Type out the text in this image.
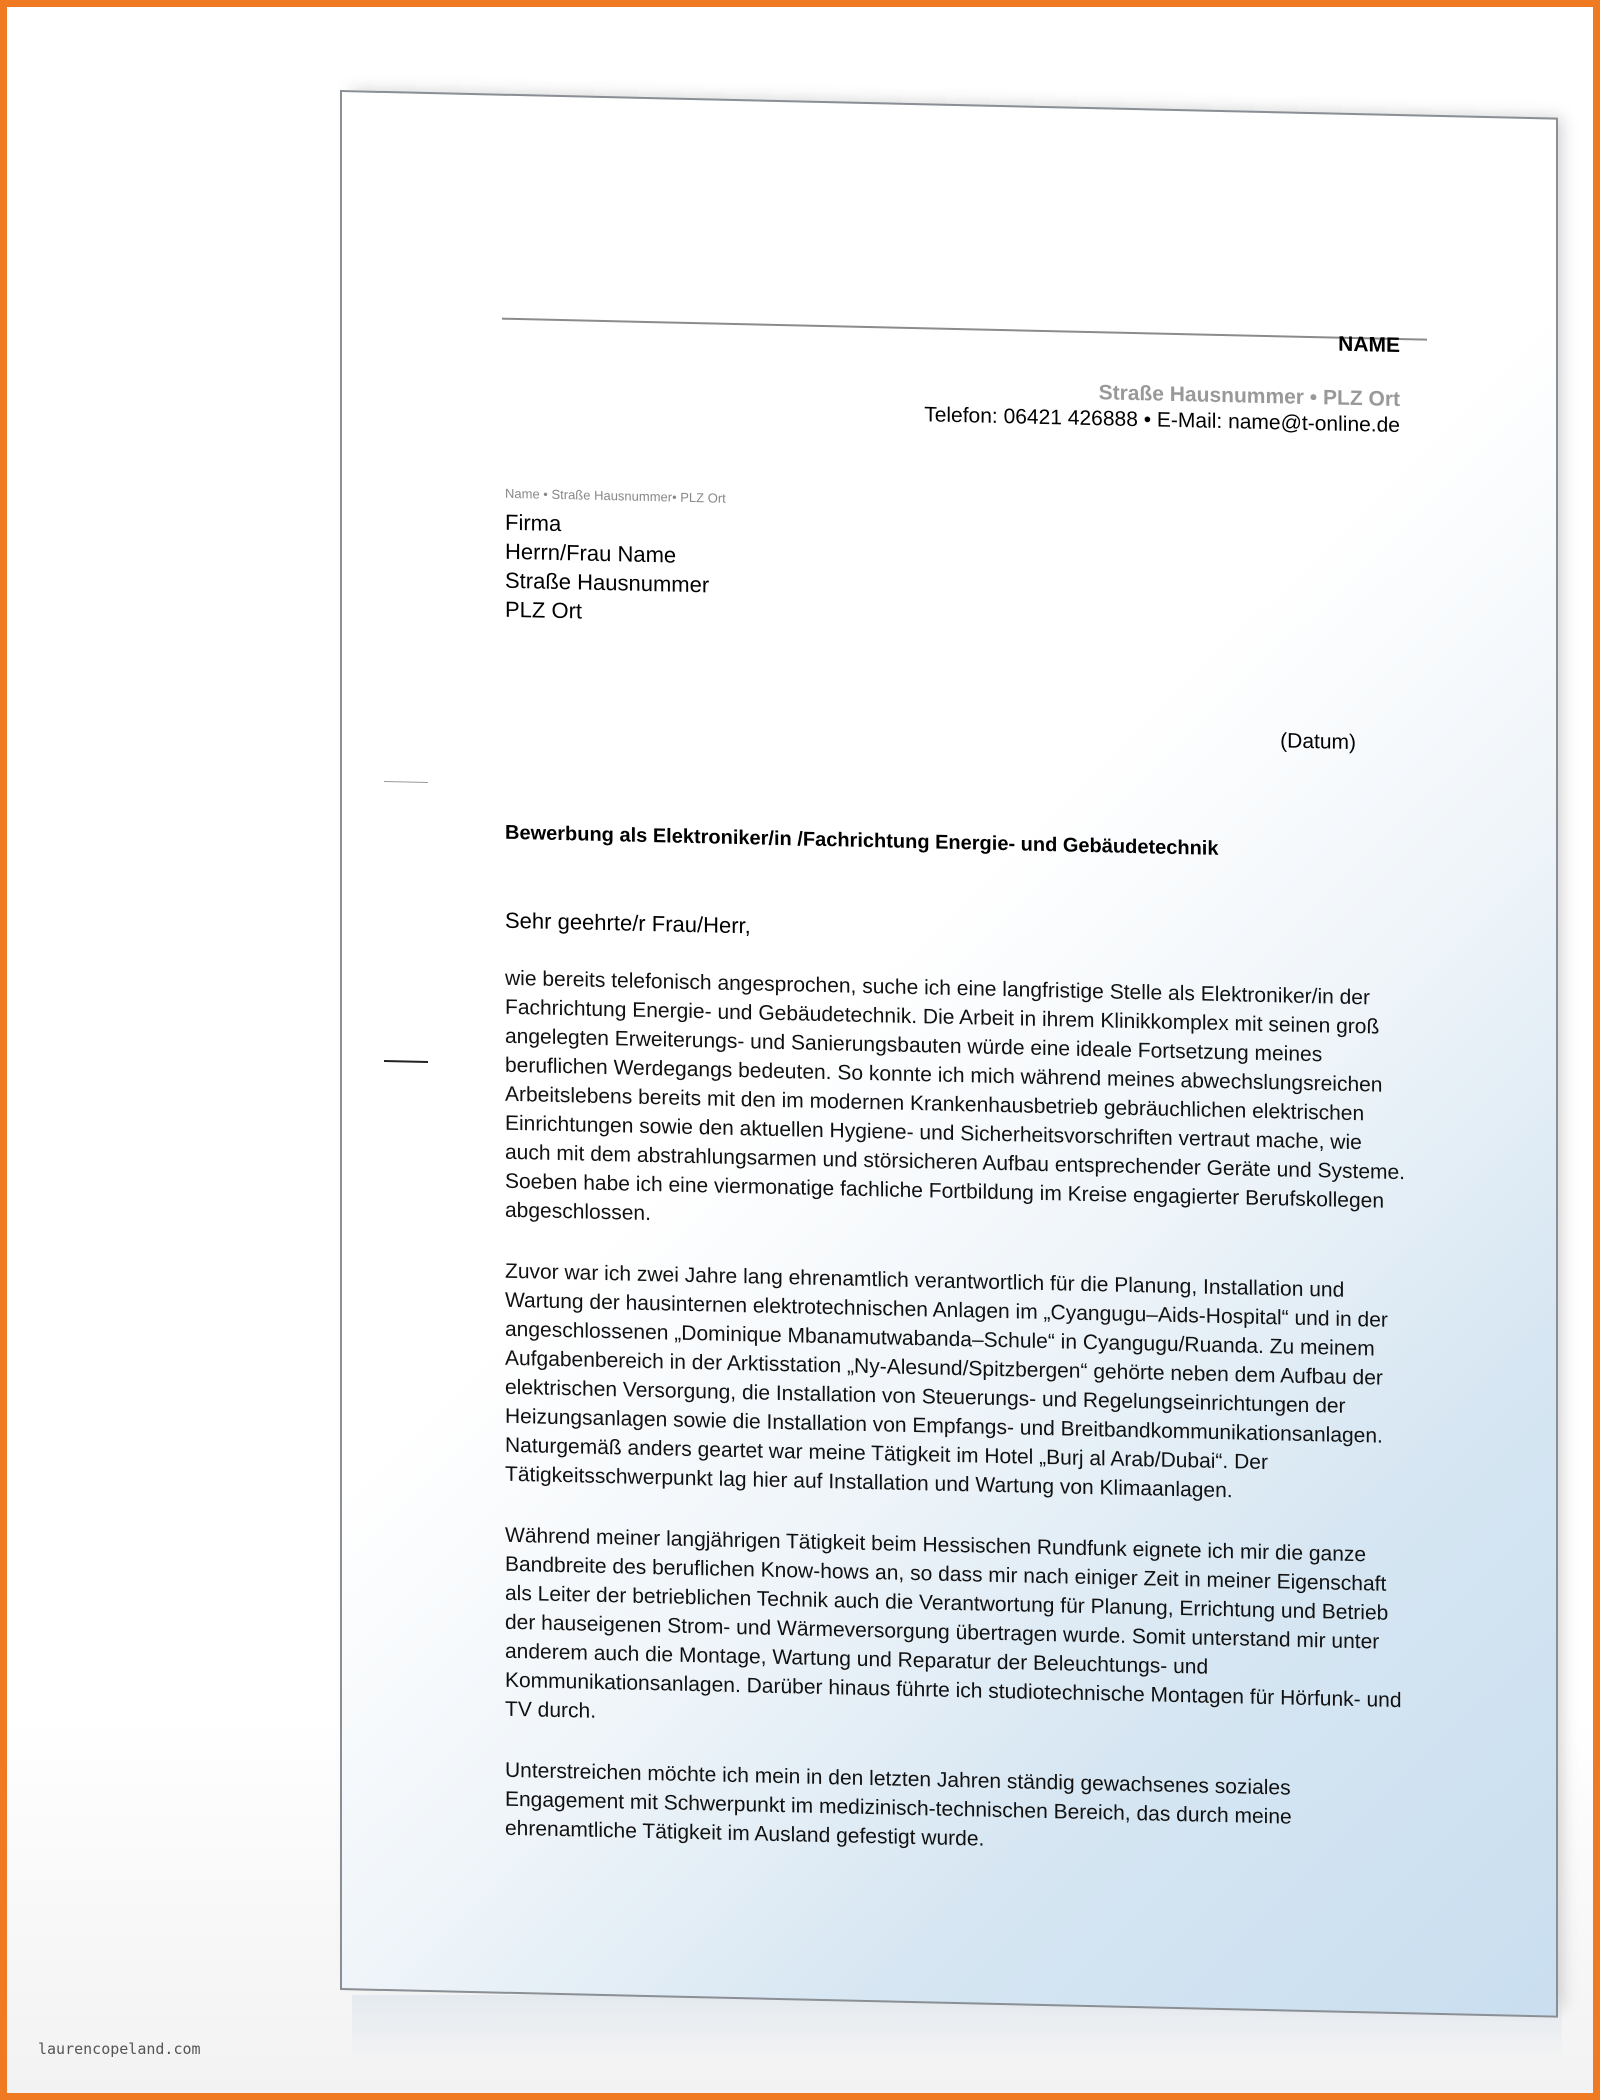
NAME
Straße Hausnummer • PLZ Ort
Telefon: 06421 426888 • E-Mail: name@t-online.de
Name • Straße Hausnummer• PLZ Ort
Firma
Herrn/Frau Name
Straße Hausnummer
PLZ Ort
(Datum)
Bewerbung als Elektroniker/in /Fachrichtung Energie- und Gebäudetechnik
Sehr geehrte/r Frau/Herr,

wie bereits telefonisch angesprochen, suche ich eine langfristige Stelle als Elektroniker/in der Fachrichtung Energie- und Gebäudetechnik. Die Arbeit in ihrem Klinikkomplex mit seinen groß angelegten Erweiterungs- und Sanierungsbauten würde eine ideale Fortsetzung meines beruflichen Werdegangs bedeuten. So konnte ich mich während meines abwechslungsreichen Arbeitslebens bereits mit den im modernen Krankenhausbetrieb gebräuchlichen elektrischen Einrichtungen sowie den aktuellen Hygiene- und Sicherheitsvorschriften vertraut mache, wie auch mit dem abstrahlungsarmen und störsicheren Aufbau entsprechender Geräte und Systeme. Soeben habe ich eine viermonatige fachliche Fortbildung im Kreise engagierter Berufskollegen abgeschlossen.

Zuvor war ich zwei Jahre lang ehrenamtlich verantwortlich für die Planung, Installation und Wartung der hausinternen elektrotechnischen Anlagen im „Cyangugu–Aids-Hospital“ und in der angeschlossenen „Dominique Mbanamutwabanda–Schule“ in Cyangugu/Ruanda. Zu meinem Aufgabenbereich in der Arktisstation „Ny-Alesund/Spitzbergen“ gehörte neben dem Aufbau der elektrischen Versorgung, die Installation von Steuerungs- und Regelungseinrichtungen der Heizungsanlagen sowie die Installation von Empfangs- und Breitbandkommunikationsanlagen. Naturgemäß anders geartet war meine Tätigkeit im Hotel „Burj al Arab/Dubai“. Der Tätigkeitsschwerpunkt lag hier auf Installation und Wartung von Klimaanlagen.

Während meiner langjährigen Tätigkeit beim Hessischen Rundfunk eignete ich mir die ganze Bandbreite des beruflichen Know-hows an, so dass mir nach einiger Zeit in meiner Eigenschaft als Leiter der betrieblichen Technik auch die Verantwortung für Planung, Errichtung und Betrieb der hauseigenen Strom- und Wärmeversorgung übertragen wurde. Somit unterstand mir unter anderem auch die Montage, Wartung und Reparatur der Beleuchtungs- und Kommunikationsanlagen. Darüber hinaus führte ich studiotechnische Montagen für Hörfunk- und TV durch.

Unterstreichen möchte ich mein in den letzten Jahren ständig gewachsenes soziales Engagement mit Schwerpunkt im medizinisch-technischen Bereich, das durch meine ehrenamtliche Tätigkeit im Ausland gefestigt wurde.

laurencopeland.com
